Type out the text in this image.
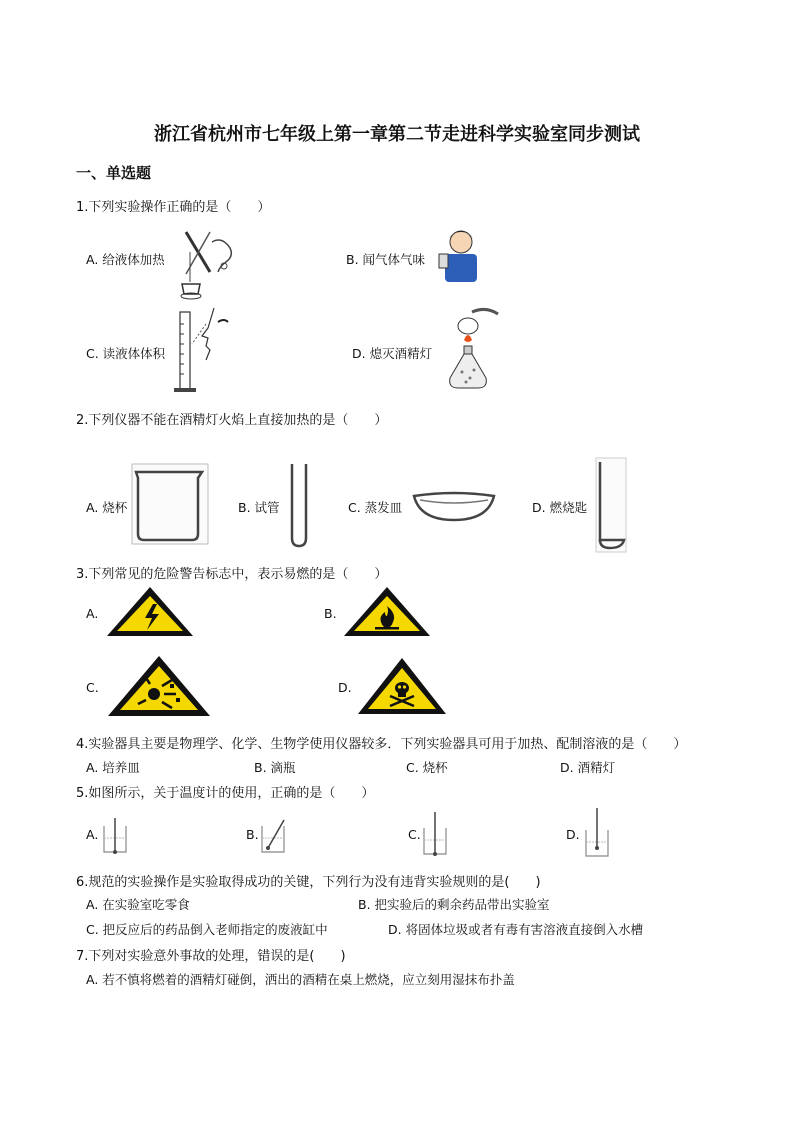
浙江省杭州市七年级上第一章第二节走进科学实验室同步测试
一、单选题
1.下列实验操作正确的是（　　）
A. 给液体加热	B. 闻气体气味
C. 读液体体积	D. 熄灭酒精灯
2.下列仪器不能在酒精灯火焰上直接加热的是（　　）
A. 烧杯	B. 试管	C. 蒸发皿	D. 燃烧匙
3.下列常见的危险警告标志中，表示易燃的是（　　）
A.	B.
C.	D.
4.实验器具主要是物理学、化学、生物学使用仪器较多．下列实验器具可用于加热、配制溶液的是（　　）
A. 培养皿	B. 滴瓶	C. 烧杯	D. 酒精灯
5.如图所示，关于温度计的使用，正确的是（　　）
A.	B.	C.	D.
6.规范的实验操作是实验取得成功的关键，下列行为没有违背实验规则的是(　　)
A. 在实验室吃零食	B. 把实验后的剩余药品带出实验室
C. 把反应后的药品倒入老师指定的废液缸中	D. 将固体垃圾或者有毒有害溶液直接倒入水槽
7.下列对实验意外事故的处理，错误的是(　　)
A. 若不慎将燃着的酒精灯碰倒，洒出的酒精在桌上燃烧，应立刻用湿抹布扑盖
